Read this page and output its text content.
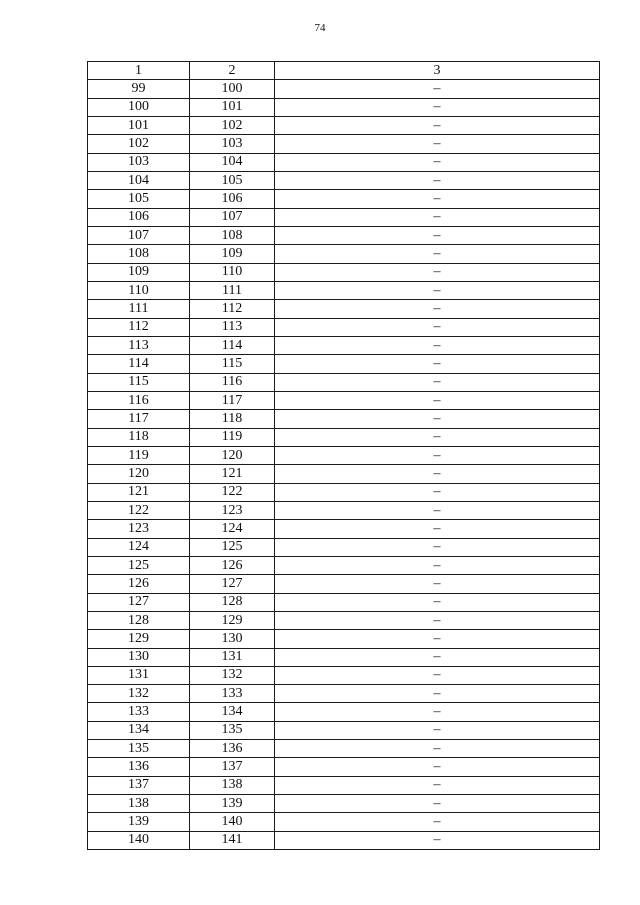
74
1	2	3
99	100	–
100	101	–
101	102	–
102	103	–
103	104	–
104	105	–
105	106	–
106	107	–
107	108	–
108	109	–
109	110	–
110	111	–
111	112	–
112	113	–
113	114	–
114	115	–
115	116	–
116	117	–
117	118	–
118	119	–
119	120	–
120	121	–
121	122	–
122	123	–
123	124	–
124	125	–
125	126	–
126	127	–
127	128	–
128	129	–
129	130	–
130	131	–
131	132	–
132	133	–
133	134	–
134	135	–
135	136	–
136	137	–
137	138	–
138	139	–
139	140	–
140	141	–
